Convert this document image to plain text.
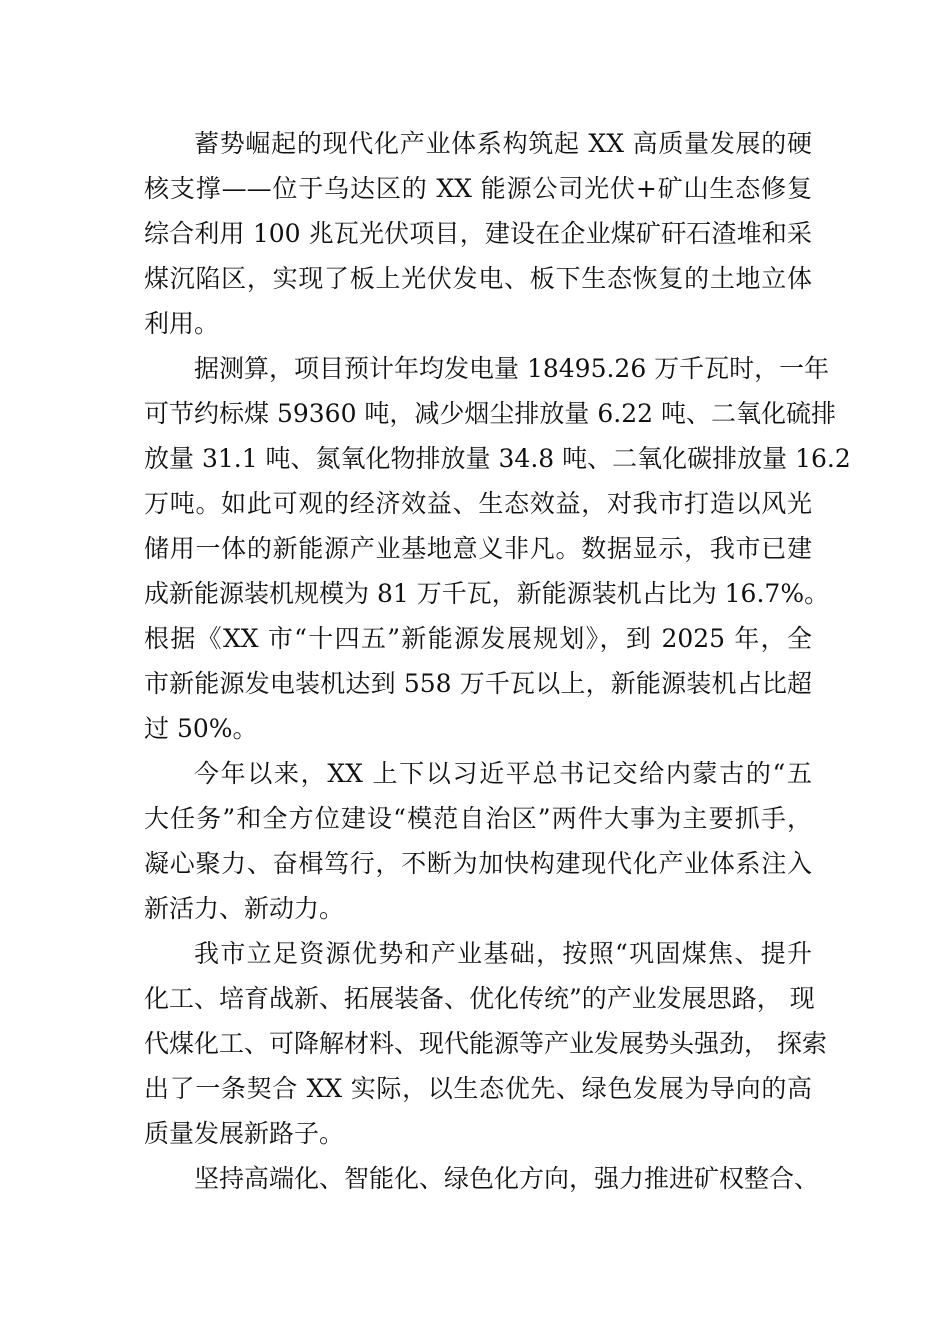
蓄势崛起的现代化产业体系构筑起 XX 高质量发展的硬
核支撑——位于乌达区的 XX 能源公司光伏+矿山生态修复
综合利用 100 兆瓦光伏项目，建设在企业煤矿矸石渣堆和采
煤沉陷区，实现了板上光伏发电、板下生态恢复的土地立体
利用。
据测算，项目预计年均发电量 18495.26 万千瓦时，一年
可节约标煤 59360 吨，减少烟尘排放量 6.22 吨、二氧化硫排
放量 31.1 吨、氮氧化物排放量 34.8 吨、二氧化碳排放量 16.2
万吨。如此可观的经济效益、生态效益，对我市打造以风光
储用一体的新能源产业基地意义非凡。数据显示，我市已建
成新能源装机规模为 81 万千瓦，新能源装机占比为 16.7%。
根据《XX 市“十四五”新能源发展规划》，到 2025 年，全
市新能源发电装机达到 558 万千瓦以上，新能源装机占比超
过 50%。
今年以来，XX 上下以习近平总书记交给内蒙古的“五
大任务”和全方位建设“模范自治区”两件大事为主要抓手，
凝心聚力、奋楫笃行，不断为加快构建现代化产业体系注入
新活力、新动力。
我市立足资源优势和产业基础，按照“巩固煤焦、提升
化工、培育战新、拓展装备、优化传统”的产业发展思路， 现
代煤化工、可降解材料、现代能源等产业发展势头强劲， 探索
出了一条契合 XX 实际，以生态优先、绿色发展为导向的高
质量发展新路子。
坚持高端化、智能化、绿色化方向，强力推进矿权整合、
